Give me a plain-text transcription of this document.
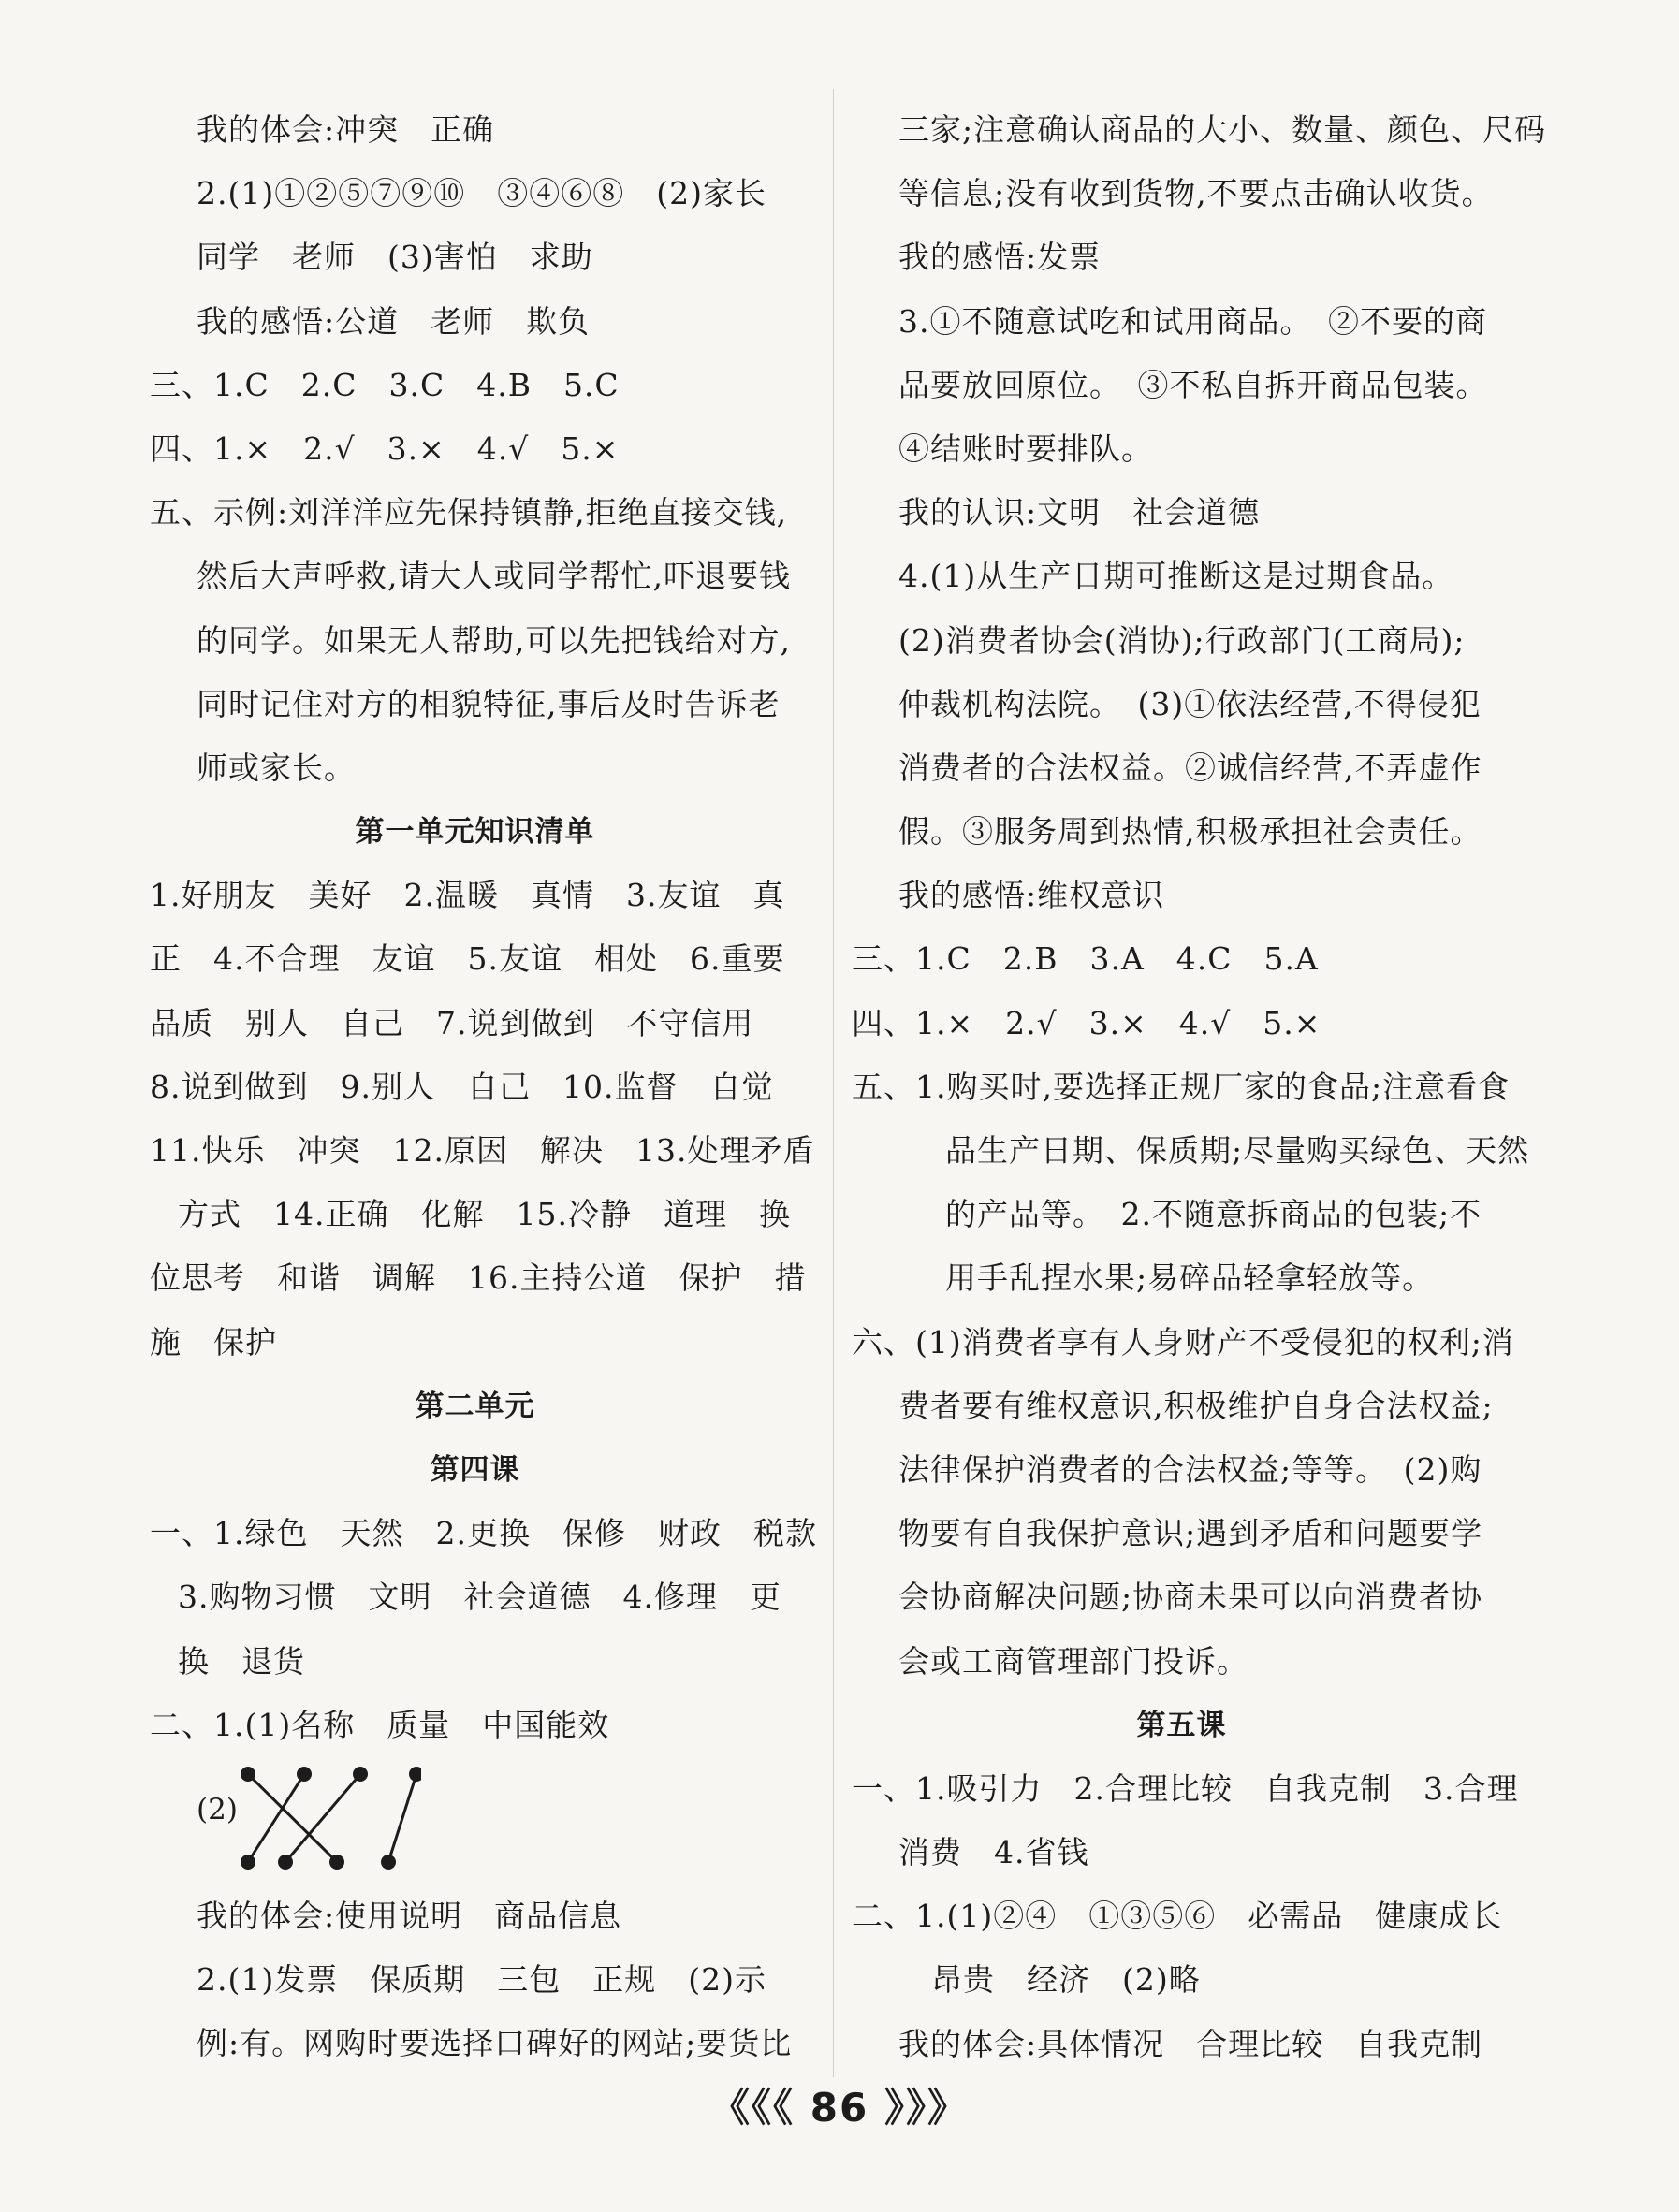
我的体会:冲突　正确
2.(1)①②⑤⑦⑨⑩　③④⑥⑧　(2)家长
同学　老师　(3)害怕　求助
我的感悟:公道　老师　欺负
三、1.C　2.C　3.C　4.B　5.C
四、1.×　2.√　3.×　4.√　5.×
五、示例:刘洋洋应先保持镇静,拒绝直接交钱,
然后大声呼救,请大人或同学帮忙,吓退要钱
的同学。如果无人帮助,可以先把钱给对方,
同时记住对方的相貌特征,事后及时告诉老
师或家长。
第一单元知识清单
1.好朋友　美好　2.温暖　真情　3.友谊　真
正　4.不合理　友谊　5.友谊　相处　6.重要
品质　别人　自己　7.说到做到　不守信用
8.说到做到　9.别人　自己　10.监督　自觉
11.快乐　冲突　12.原因　解决　13.处理矛盾
方式　14.正确　化解　15.冷静　道理　换
位思考　和谐　调解　16.主持公道　保护　措
施　保护
第二单元
第四课
一、1.绿色　天然　2.更换　保修　财政　税款
3.购物习惯　文明　社会道德　4.修理　更
换　退货
二、1.(1)名称　质量　中国能效
(2)
我的体会:使用说明　商品信息
2.(1)发票　保质期　三包　正规　(2)示
例:有。网购时要选择口碑好的网站;要货比
三家;注意确认商品的大小、数量、颜色、尺码
等信息;没有收到货物,不要点击确认收货。
我的感悟:发票
3.①不随意试吃和试用商品。　②不要的商
品要放回原位。　③不私自拆开商品包装。
④结账时要排队。
我的认识:文明　社会道德
4.(1)从生产日期可推断这是过期食品。
(2)消费者协会(消协);行政部门(工商局);
仲裁机构法院。　(3)①依法经营,不得侵犯
消费者的合法权益。②诚信经营,不弄虚作
假。③服务周到热情,积极承担社会责任。
我的感悟:维权意识
三、1.C　2.B　3.A　4.C　5.A
四、1.×　2.√　3.×　4.√　5.×
五、1.购买时,要选择正规厂家的食品;注意看食
品生产日期、保质期;尽量购买绿色、天然
的产品等。　2.不随意拆商品的包装;不
用手乱捏水果;易碎品轻拿轻放等。
六、(1)消费者享有人身财产不受侵犯的权利;消
费者要有维权意识,积极维护自身合法权益;
法律保护消费者的合法权益;等等。　(2)购
物要有自我保护意识;遇到矛盾和问题要学
会协商解决问题;协商未果可以向消费者协
会或工商管理部门投诉。
第五课
一、1.吸引力　2.合理比较　自我克制　3.合理
消费　4.省钱
二、1.(1)②④　①③⑤⑥　必需品　健康成长
昂贵　经济　(2)略
我的体会:具体情况　合理比较　自我克制
《《《 86 》》》
